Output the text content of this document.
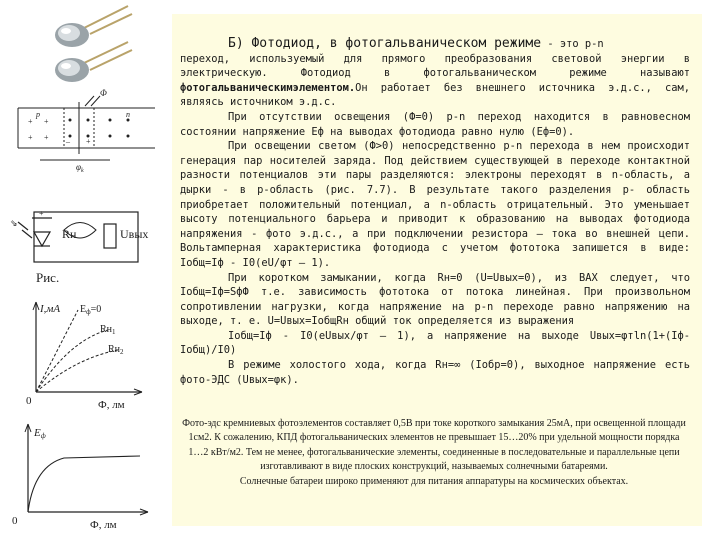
+ +
+ + – +
Φ
p	n
$\varphi_k$
⇘
+
Rн	Uвых
Рис.
I,мА $E_ф=0$
$Rн_1$
$Rн_2$
0	Ф, лм
Eф
0	Ф, лм

Б) Фотодиод, в фотогальваническом режиме - это р-n

переход, используемый для прямого преобразования световой энергии в электрическую. Фотодиод в фотогальваническом режиме называют фотогальваническимэлементом.Он работает без внешнего источника э.д.с., сам, являясь источником э.д.с.

При отсутствии освещения (Ф=0) р-n переход находится в равновесном состоянии напряжение Еф на выводах фотодиода равно нулю (Еф=0).

При освещении светом (Ф>0) непосредственно р-n перехода в нем происходит генерация пар носителей заряда. Под действием существующей в переходе контактной разности потенциалов эти пары разделяются: электроны переходят в n-область, а дырки - в р-область (рис. 7.7). В результате такого разделения р- область приобретает положительный потенциал, а n-область отрицательный. Это уменьшает высоту потенциального барьера и приводит к образованию на выводах фотодиода напряжения - фото э.д.с., а при подключении резистора – тока во внешней цепи. Вольтамперная характеристика фотодиода с учетом фототока запишется в виде: Iобщ=Iф - I0(eU/φт – 1).

При коротком замыкании, когда Rн=0 (U=Uвых=0), из ВАХ следует, что Iобщ=Iф=SфФ т.е. зависимость фототока от потока линейная. При произвольном сопротивлении нагрузки, когда напряжение на р-n переходе равно напряжению на выходе, т. е. U=Uвых=IобщRн общий ток определяется из выражения

Iобщ=Iф - I0(eUвых/φт – 1), а напряжение на выходе Uвых=φтln(1+(Iф-Iобщ)/I0)

В режиме холостого хода, когда Rн=∞ (Iобр=0), выходное напряжение есть фото-ЭДС (Uвых=φк).

Фото-эдс кремниевых фотоэлементов составляет 0,5В при токе короткого замыкания 25мА, при освещенной площади 1см2. К сожалению, КПД фотогальванических элементов не превышает 15…20% при удельной мощности порядка 1…2 кВт/м2. Тем не менее, фотогальванические элементы, соединенные в последовательные и параллельные цепи изготавливают в виде плоских конструкций, называемых солнечными батареями.

Солнечные батареи широко применяют для питания аппаратуры на космических объектах.
